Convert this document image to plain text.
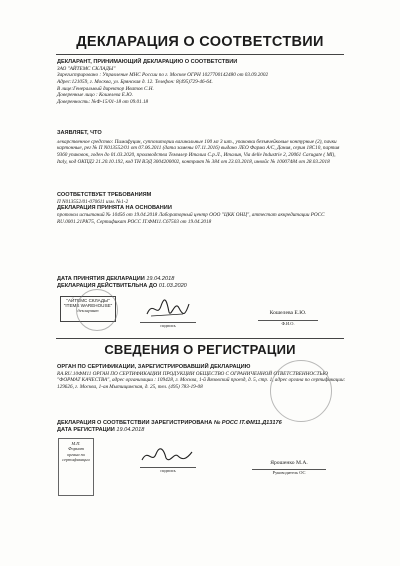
ДЕКЛАРАЦИЯ О СООТВЕТСТВИИ

ДЕКЛАРАНТ, ПРИНИМАЮЩИЙ ДЕКЛАРАЦИЮ О СООТВЕТСТВИИ

ЗАО "АЙТЕМС СКЛАДЫ"

Зарегистрировано : Управление МНС России по г. Москве ОГРН 1027700142480 от 03.09.2002

Адрес:121059, г. Москва, ул. Брянская д. 12. Телефон: 8(495)729-46-64.

В лице:Генеральный директор Иватов С.Н.

Доверенные лицо : Кошелева Е.Ю.

Доверенность: №Ф-15/01-18 от 09.01.18

ЗАЯВЛЯЕТ, ЧТО

лекарственное средство: Пимафуцин, суппозитории вагинальные 100 мг 3 шт., упаковки безъячейковые контурные (2), пачки картонные, рег № П N013552/01 от 07.06.2011 (дата замены 07.11.2016) выдано ЛЕО Фарма А/С, Дания, серия 18C10, партия 9360 упаковок, годен до 01.03.2020, производства Теммлер Италиа С.р.Л., Италия, Via delle Industrie 2, 20061 Carugate ( MI), Italy, код ОКПД2 21.20.10.192, код ТН ВЭД 3004200002, контракт № 384 от 23.03.2018, инвойс № 10007484 от 28.03.2018

СООТВЕТСТВУЕТ ТРЕБОВАНИЯМ

П N013552/01-070611 изм. №1-2

ДЕКЛАРАЦИЯ ПРИНЯТА НА ОСНОВАНИИ

протокол испытаний № 10456 от 19.04.2018 Лабораторный центр ООО "ЦКК ОНЦ", аттестат аккредитации РОСС RU.0001.21РК75, Сертификат РОСС IT.ФМ11.С67503 от 19.04.2018

ДАТА ПРИНЯТИЯ ДЕКЛАРАЦИИ 19.04.2018

ДЕКЛАРАЦИЯ ДЕЙСТВИТЕЛЬНА ДО 01.03.2020

"АЙТЕМС СКЛАДЫ"
"ITEMS WAREHOUSE"
декларант
подпись
Кошелева Е.Ю.
Ф.И.О.
СВЕДЕНИЯ О РЕГИСТРАЦИИ

ОРГАН ПО СЕРТИФИКАЦИИ, ЗАРЕГИСТРИРОВАВШИЙ ДЕКЛАРАЦИЮ

RA.RU.10ФМ11 ОРГАН ПО СЕРТИФИКАЦИИ ПРОДУКЦИИ ОБЩЕСТВО С ОГРАНИЧЕННОЙ ОТВЕТСТВЕННОСТЬЮ "ФОРМАТ КАЧЕСТВА", адрес организации : 109428, г. Москва, 1-й Вязовский проезд, д. 5, стр. 1, адрес органа по сертификации: 129626, г. Москва, 1-ая Мытищинская, д. 25, тел. (495) 783-19-08

ДЕКЛАРАЦИЯ О СООТВЕТСТВИИ ЗАРЕГИСТРИРОВАНА № РОСС IT.ФМ11.Д13176

ДАТА РЕГИСТРАЦИИ 19.04.2018

М.П.
Формат
органа по
сертификации
подпись
Ярошенко М.А.
Руководитель ОС
